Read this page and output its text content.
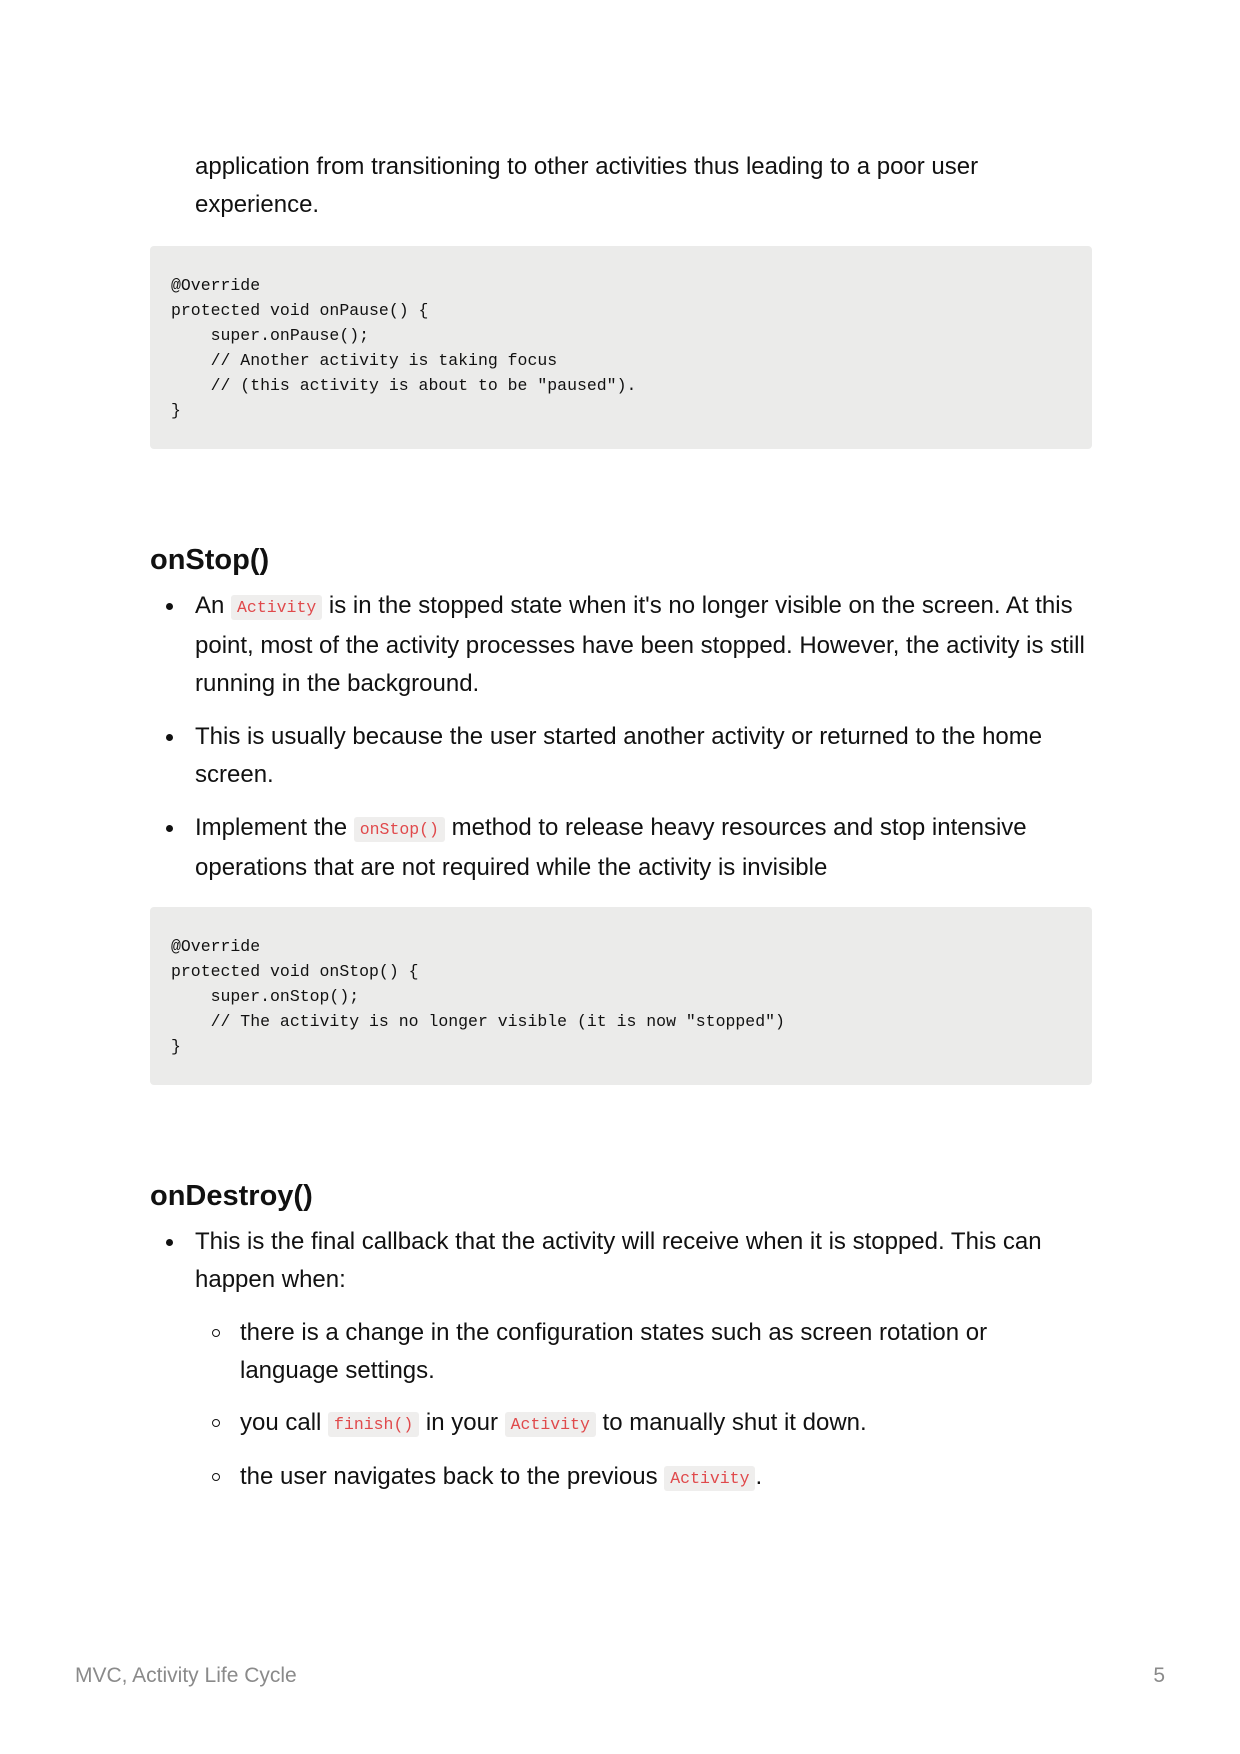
application from transitioning to other activities thus leading to a poor user experience.

@Override
protected void onPause() {
super.onPause();
// Another activity is taking focus
// (this activity is about to be "paused").
}
onStop()
An Activity is in the stopped state when it's no longer visible on the screen. At this point, most of the activity processes have been stopped. However, the activity is still running in the background.
This is usually because the user started another activity or returned to the home screen.
Implement the onStop() method to release heavy resources and stop intensive operations that are not required while the activity is invisible
@Override
protected void onStop() {
super.onStop();
// The activity is no longer visible (it is now "stopped")
}
onDestroy()
This is the final callback that the activity will receive when it is stopped. This can happen when:
there is a change in the configuration states such as screen rotation or language settings.
you call finish() in your Activity to manually shut it down.
the user navigates back to the previous Activity .
MVC, Activity Life Cycle	5
